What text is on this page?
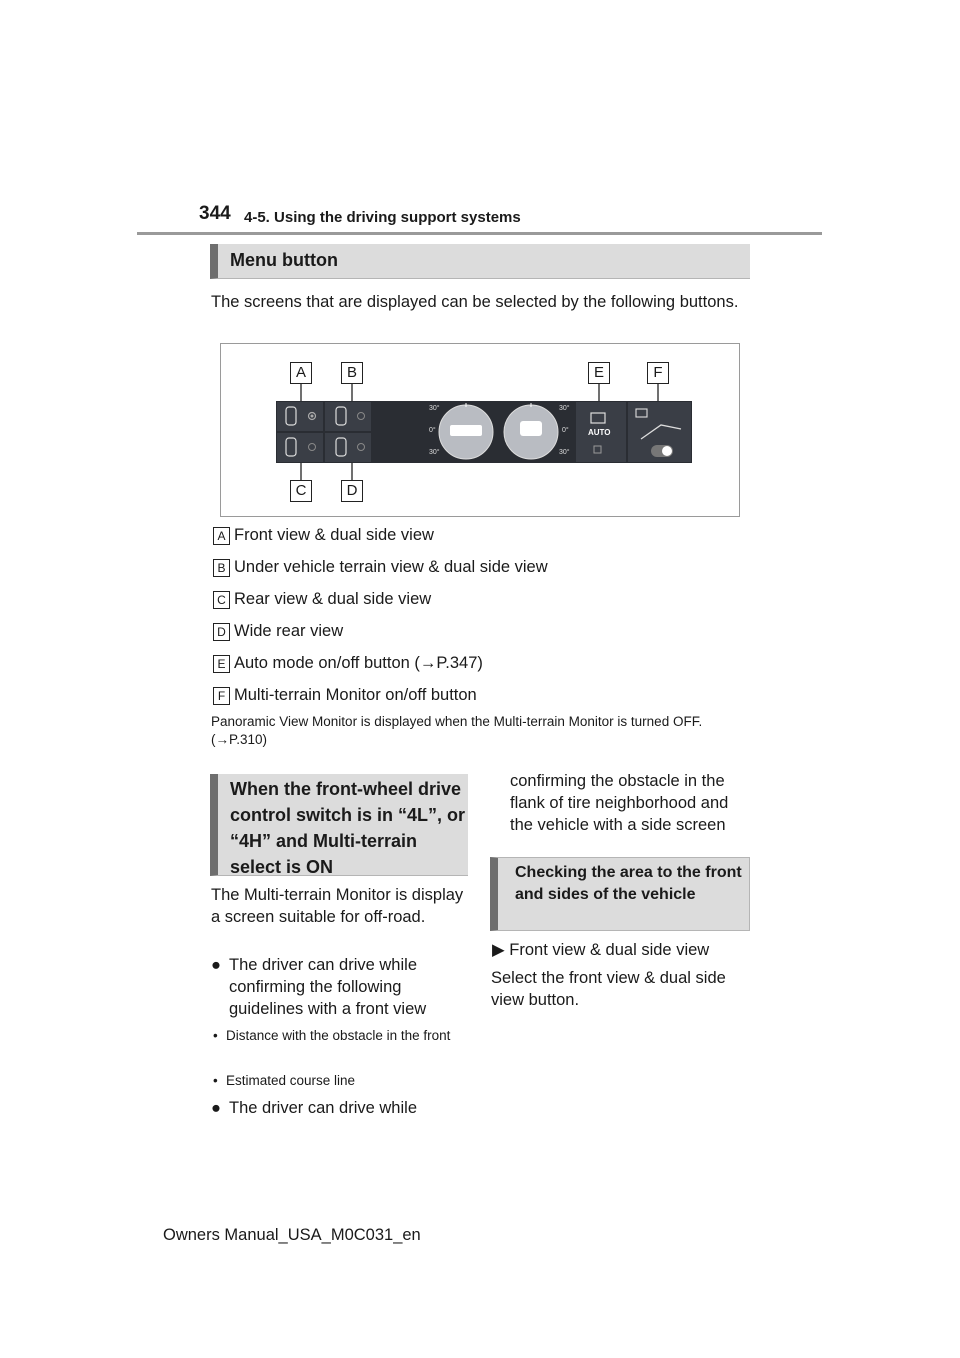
344 4-5. Using the driving support systems
Menu button
The screens that are displayed can be selected by the following buttons.
A	B	E	F
C	D
30°
0°
30°
30°
0°
30°
AUTO
A Front view & dual side view
B Under vehicle terrain view & dual side view
C Rear view & dual side view
D Wide rear view
E Auto mode on/off button (→P.347)
F Multi-terrain Monitor on/off button
Panoramic View Monitor is displayed when the Multi-terrain Monitor is turned OFF. (→P.310)
When the front-wheel drive control switch is in “4L”, or “4H” and Multi-terrain select is ON
The Multi-terrain Monitor is display a screen suitable for off-road.
● The driver can drive while confirming the following guidelines with a front view
• Distance with the obstacle in the front
• Estimated course line
● The driver can drive while
confirming the obstacle in the flank of tire neighborhood and the vehicle with a side screen
Checking the area to the front and sides of the vehicle
▶ Front view & dual side view
Select the front view & dual side view button.
Owners Manual_USA_M0C031_en
